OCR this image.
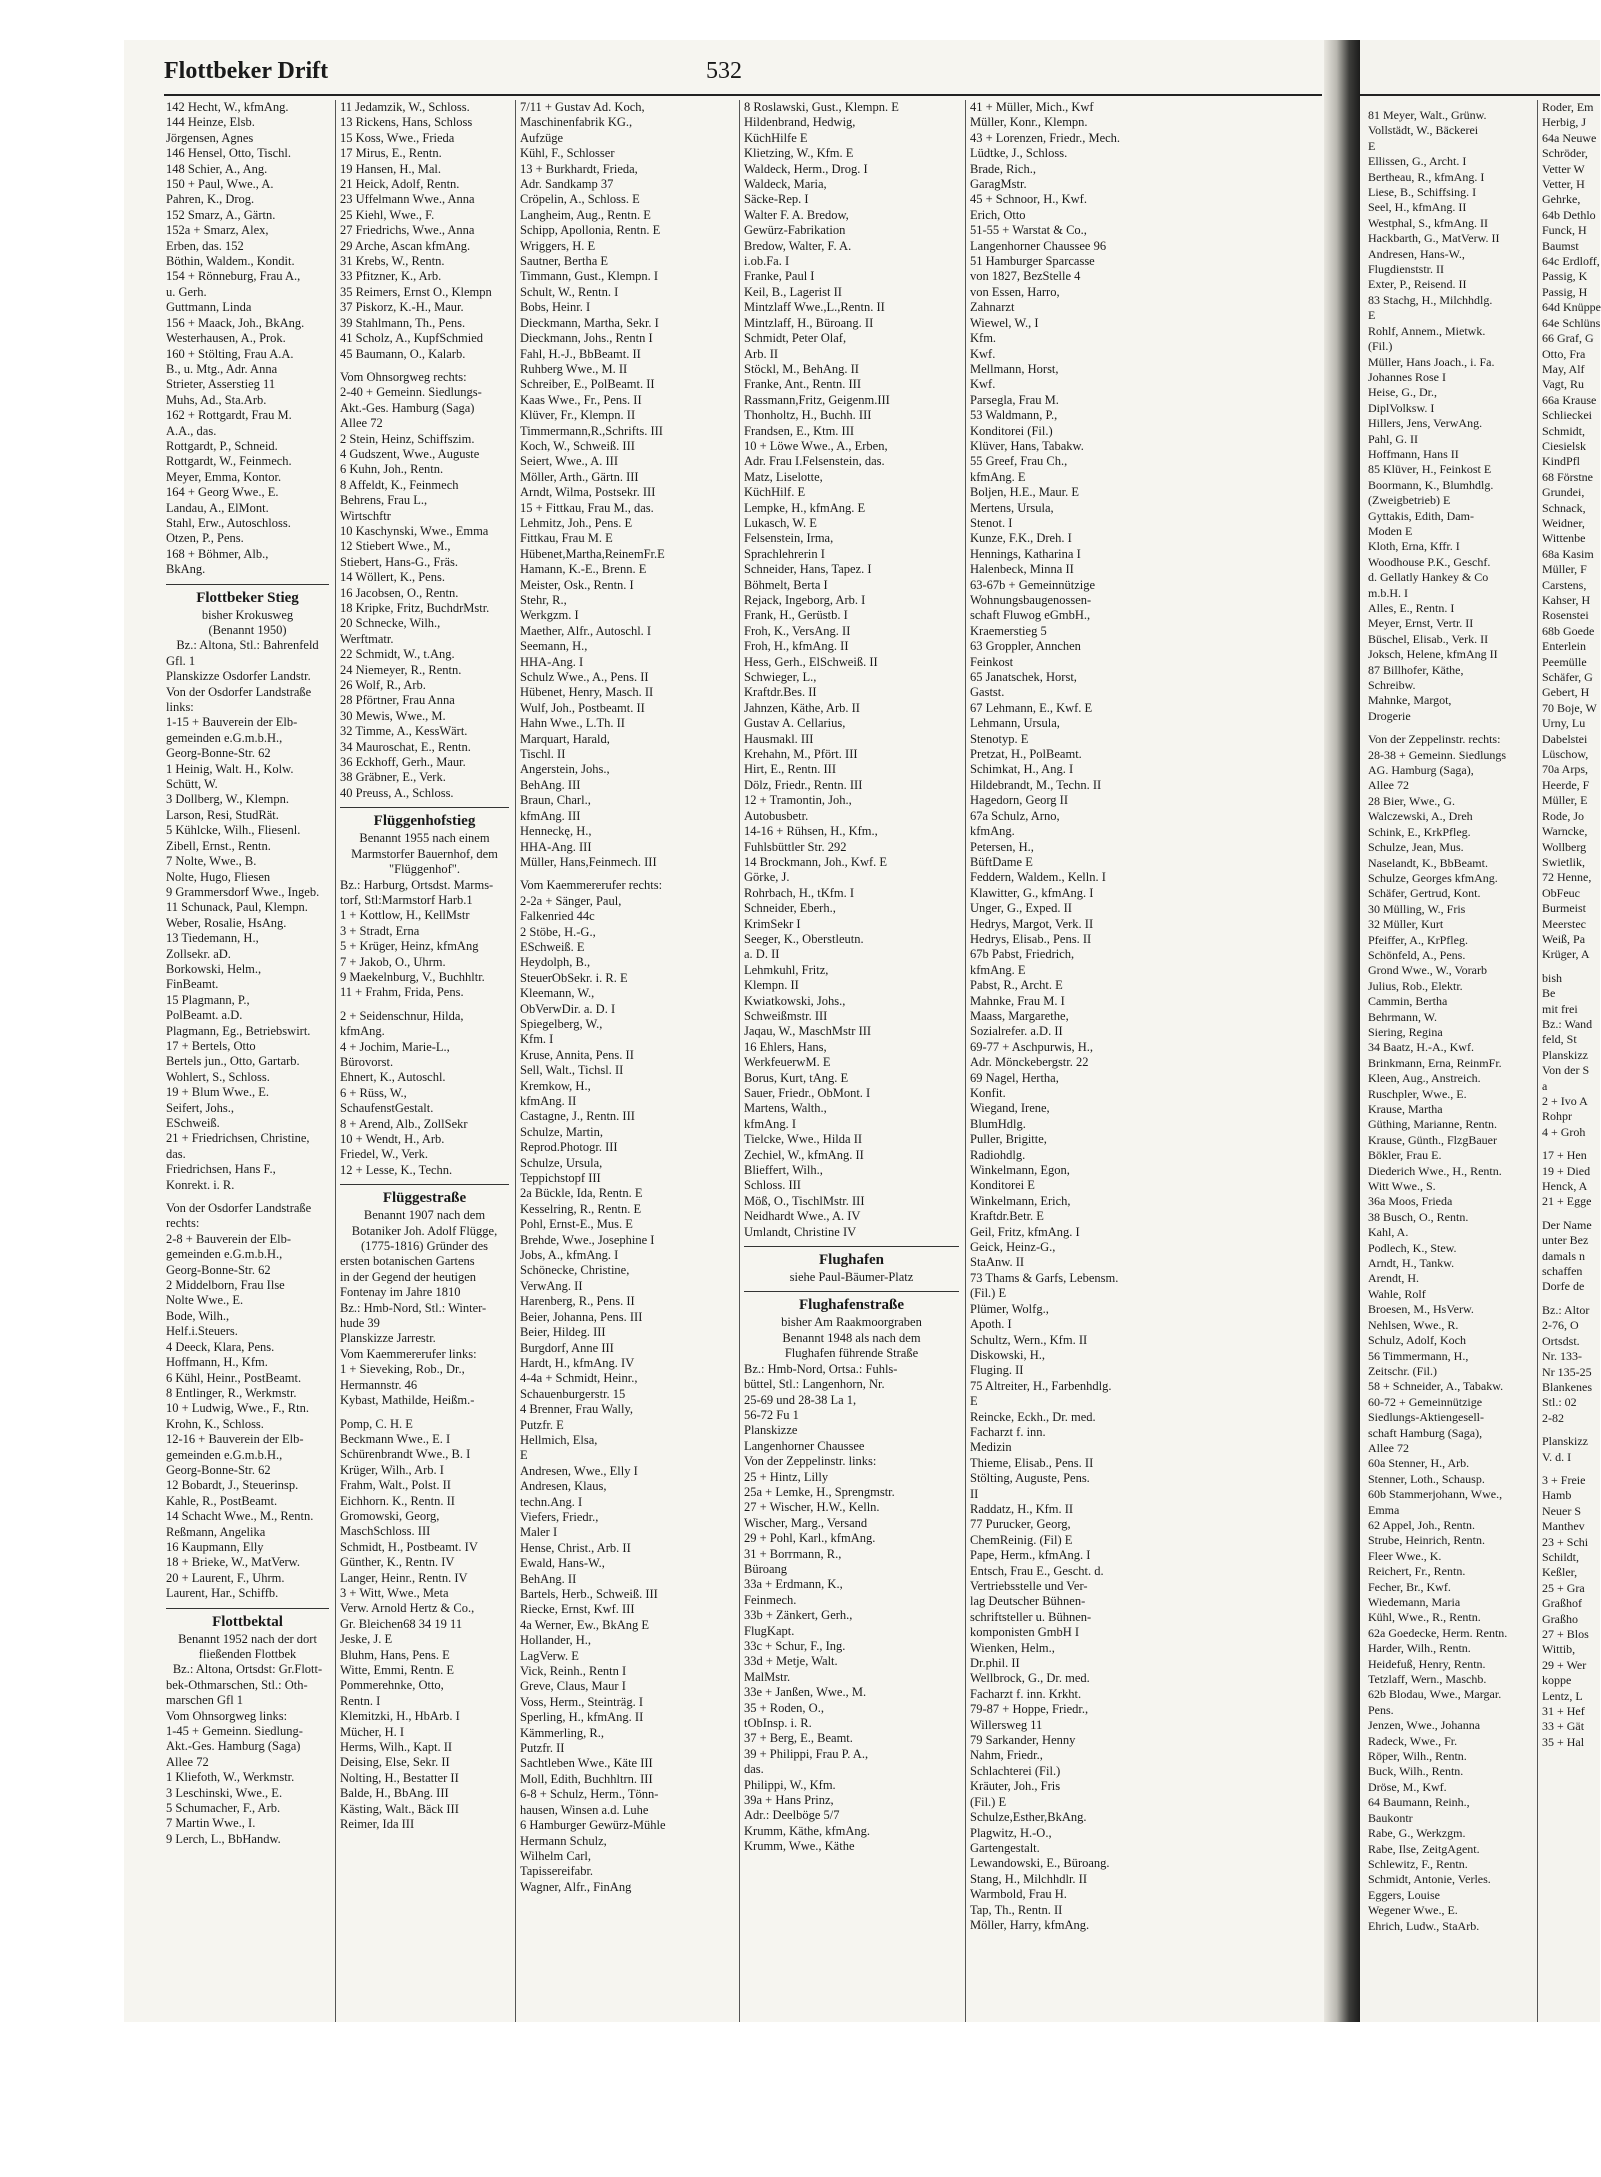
Flottbeker Drift	532
142 Hecht, W., kfmAng.
144 Heinze, Elsb.
Jörgensen, Agnes
146 Hensel, Otto, Tischl.
148 Schier, A., Ang.
150 + Paul, Wwe., A.
Pahren, K., Drog.
152 Smarz, A., Gärtn.
152a + Smarz, Alex,
Erben, das. 152
Böthin, Waldem., Kondit.
154 + Rönneburg, Frau A.,
u. Gerh.
Guttmann, Linda
156 + Maack, Joh., BkAng.
Westerhausen, A., Prok.
160 + Stölting, Frau A.A.
B., u. Mtg., Adr. Anna
Strieter, Asserstieg 11
Muhs, Ad., Sta.Arb.
162 + Rottgardt, Frau M.
A.A., das.
Rottgardt, P., Schneid.
Rottgardt, W., Feinmech.
Meyer, Emma, Kontor.
164 + Georg Wwe., E.
Landau, A., ElMont.
Stahl, Erw., Autoschloss.
Otzen, P., Pens.
168 + Böhmer, Alb.,
BkAng.
Flottbeker Stieg
bisher Krokusweg
(Benannt 1950)
Bz.: Altona, Stl.: Bahrenfeld
Gfl. 1
Planskizze Osdorfer Landstr.
Von der Osdorfer Landstraße
links:
1-15 + Bauverein der Elb-
gemeinden e.G.m.b.H.,
Georg-Bonne-Str. 62
1 Heinig, Walt. H., Kolw.
Schütt, W.
3 Dollberg, W., Klempn.
Larson, Resi, StudRät.
5 Kühlcke, Wilh., Fliesenl.
Zibell, Ernst., Rentn.
7 Nolte, Wwe., B.
Nolte, Hugo, Fliesen
9 Grammersdorf Wwe., Ingeb.
11 Schunack, Paul, Klempn.
Weber, Rosalie, HsAng.
13 Tiedemann, H.,
Zollsekr. aD.
Borkowski, Helm.,
FinBeamt.
15 Plagmann, P.,
PolBeamt. a.D.
Plagmann, Eg., Betriebswirt.
17 + Bertels, Otto
Bertels jun., Otto, Gartarb.
Wohlert, S., Schloss.
19 + Blum Wwe., E.
Seifert, Johs.,
ESchweiß.
21 + Friedrichsen, Christine,
das.
Friedrichsen, Hans F.,
Konrekt. i. R.
Von der Osdorfer Landstraße
rechts:
2-8 + Bauverein der Elb-
gemeinden e.G.m.b.H.,
Georg-Bonne-Str. 62
2 Middelborn, Frau Ilse
Nolte Wwe., E.
Bode, Wilh.,
Helf.i.Steuers.
4 Deeck, Klara, Pens.
Hoffmann, H., Kfm.
6 Kühl, Heinr., PostBeamt.
8 Entlinger, R., Werkmstr.
10 + Ludwig, Wwe., F., Rtn.
Krohn, K., Schloss.
12-16 + Bauverein der Elb-
gemeinden e.G.m.b.H.,
Georg-Bonne-Str. 62
12 Bobardt, J., Steuerinsp.
Kahle, R., PostBeamt.
14 Schacht Wwe., M., Rentn.
Reßmann, Angelika
16 Kaupmann, Elly
18 + Brieke, W., MatVerw.
20 + Laurent, F., Uhrm.
Laurent, Har., Schiffb.
Flottbektal
Benannt 1952 nach der dort
fließenden Flottbek
Bz.: Altona, Ortsdst: Gr.Flott-
bek-Othmarschen, Stl.: Oth-
marschen Gfl 1
Vom Ohnsorgweg links:
1-45 + Gemeinn. Siedlung-
Akt.-Ges. Hamburg (Saga)
Allee 72
1 Kliefoth, W., Werkmstr.
3 Leschinski, Wwe., E.
5 Schumacher, F., Arb.
7 Martin Wwe., I.
9 Lerch, L., BbHandw.
11 Jedamzik, W., Schloss.
13 Rickens, Hans, Schloss
15 Koss, Wwe., Frieda
17 Mirus, E., Rentn.
19 Hansen, H., Mal.
21 Heick, Adolf, Rentn.
23 Uffelmann Wwe., Anna
25 Kiehl, Wwe., F.
27 Friedrichs, Wwe., Anna
29 Arche, Ascan kfmAng.
31 Krebs, W., Rentn.
33 Pfitzner, K., Arb.
35 Reimers, Ernst O., Klempn
37 Piskorz, K.-H., Maur.
39 Stahlmann, Th., Pens.
41 Scholz, A., KupfSchmied
45 Baumann, O., Kalarb.
Vom Ohnsorgweg rechts:
2-40 + Gemeinn. Siedlungs-
Akt.-Ges. Hamburg (Saga)
Allee 72
2 Stein, Heinz, Schiffszim.
4 Gudszent, Wwe., Auguste
6 Kuhn, Joh., Rentn.
8 Affeldt, K., Feinmech
Behrens, Frau L.,
Wirtschftr
10 Kaschynski, Wwe., Emma
12 Stiebert Wwe., M.,
Stiebert, Hans-G., Fräs.
14 Wöllert, K., Pens.
16 Jacobsen, O., Rentn.
18 Kripke, Fritz, BuchdrMstr.
20 Schnecke, Wilh.,
Werftmatr.
22 Schmidt, W., t.Ang.
24 Niemeyer, R., Rentn.
26 Wolf, R., Arb.
28 Pförtner, Frau Anna
30 Mewis, Wwe., M.
32 Timme, A., KessWärt.
34 Mauroschat, E., Rentn.
36 Eckhoff, Gerh., Maur.
38 Gräbner, E., Verk.
40 Preuss, A., Schloss.
Flüggenhofstieg
Benannt 1955 nach einem
Marmstorfer Bauernhof, dem
"Flüggenhof".
Bz.: Harburg, Ortsdst. Marms-
torf, Stl:Marmstorf Harb.1
1 + Kottlow, H., KellMstr
3 + Stradt, Erna
5 + Krüger, Heinz, kfmAng
7 + Jakob, O., Uhrm.
9 Maekelnburg, V., Buchhltr.
11 + Frahm, Frida, Pens.
2 + Seidenschnur, Hilda,
kfmAng.
4 + Jochim, Marie-L.,
Bürovorst.
Ehnert, K., Autoschl.
6 + Rüss, W.,
SchaufenstGestalt.
8 + Arend, Alb., ZollSekr
10 + Wendt, H., Arb.
Friedel, W., Verk.
12 + Lesse, K., Techn.
Flüggestraße
Benannt 1907 nach dem
Botaniker Joh. Adolf Flügge,
(1775-1816) Gründer des
ersten botanischen Gartens
in der Gegend der heutigen
Fontenay im Jahre 1810
Bz.: Hmb-Nord, Stl.: Winter-
hude 39
Planskizze Jarrestr.
Vom Kaemmererufer links:
1 + Sieveking, Rob., Dr.,
Hermannstr. 46
Kybast, Mathilde, Heißm.-
Pomp, C. H. E
Beckmann Wwe., E. I
Schürenbrandt Wwe., B. I
Krüger, Wilh., Arb. I
Frahm, Walt., Polst. II
Eichhorn. K., Rentn. II
Gromowski, Georg,
MaschSchloss. III
Schmidt, H., Postbeamt. IV
Günther, K., Rentn. IV
Langer, Heinr., Rentn. IV
3 + Witt, Wwe., Meta
Verw. Arnold Hertz & Co.,
Gr. Bleichen68 34 19 11
Jeske, J. E
Bluhm, Hans, Pens. E
Witte, Emmi, Rentn. E
Pommerehnke, Otto,
Rentn. I
Klemitzki, H., HbArb. I
Mücher, H. I
Herms, Wilh., Kapt. II
Deising, Else, Sekr. II
Nolting, H., Bestatter II
Balde, H., BbAng. III
Kästing, Walt., Bäck III
Reimer, Ida III
7/11 + Gustav Ad. Koch,
Maschinenfabrik KG.,
Aufzüge
Kühl, F., Schlosser
13 + Burkhardt, Frieda,
Adr. Sandkamp 37
Cröpelin, A., Schloss. E
Langheim, Aug., Rentn. E
Schipp, Apollonia, Rentn. E
Wriggers, H. E
Sautner, Bertha E
Timmann, Gust., Klempn. I
Schult, W., Rentn. I
Bobs, Heinr. I
Dieckmann, Martha, Sekr. I
Dieckmann, Johs., Rentn I
Fahl, H.-J., BbBeamt. II
Ruhberg Wwe., M. II
Schreiber, E., PolBeamt. II
Kaas Wwe., Fr., Pens. II
Klüver, Fr., Klempn. II
Timmermann,R.,Schrifts. III
Koch, W., Schweiß. III
Seiert, Wwe., A. III
Möller, Arth., Gärtn. III
Arndt, Wilma, Postsekr. III
15 + Fittkau, Frau M., das.
Lehmitz, Joh., Pens. E
Fittkau, Frau M. E
Hübenet,Martha,ReinemFr.E
Hamann, K.-E., Brenn. E
Meister, Osk., Rentn. I
Stehr, R.,
Werkgzm. I
Maether, Alfr., Autoschl. I
Seemann, H.,
HHA-Ang. I
Schulz Wwe., A., Pens. II
Hübenet, Henry, Masch. II
Wulf, Joh., Postbeamt. II
Hahn Wwe., L.Th. II
Marquart, Harald,
Tischl. II
Angerstein, Johs.,
BehAng. III
Braun, Charl.,
kfmAng. III
Henneckę, H.,
HHA-Ang. III
Müller, Hans,Feinmech. III
Vom Kaemmererufer rechts:
2-2a + Sänger, Paul,
Falkenried 44c
2 Stöbe, H.-G.,
ESchweiß. E
Heydolph, B.,
SteuerObSekr. i. R. E
Kleemann, W.,
ObVerwDir. a. D. I
Spiegelberg, W.,
Kfm. I
Kruse, Annita, Pens. II
Sell, Walt., Tichsl. II
Kremkow, H.,
kfmAng. II
Castagne, J., Rentn. III
Schulze, Martin,
Reprod.Photogr. III
Schulze, Ursula,
Teppichstopf III
2a Bückle, Ida, Rentn. E
Kesselring, R., Rentn. E
Pohl, Ernst-E., Mus. E
Brehde, Wwe., Josephine I
Jobs, A., kfmAng. I
Schönecke, Christine,
VerwAng. II
Harenberg, R., Pens. II
Beier, Johanna, Pens. III
Beier, Hildeg. III
Burgdorf, Anne III
Hardt, H., kfmAng. IV
4-4a + Schmidt, Heinr.,
Schauenburgerstr. 15
4 Brenner, Frau Wally,
Putzfr. E
Hellmich, Elsa,
E
Andresen, Wwe., Elly I
Andresen, Klaus,
techn.Ang. I
Viefers, Friedr.,
Maler I
Hense, Christ., Arb. II
Ewald, Hans-W.,
BehAng. II
Bartels, Herb., Schweiß. III
Riecke, Ernst, Kwf. III
4a Werner, Ew., BkAng E
Hollander, H.,
LagVerw. E
Vick, Reinh., Rentn I
Greve, Claus, Maur I
Voss, Herm., Steinträg. I
Sperling, H., kfmAng. II
Kämmerling, R.,
Putzfr. II
Sachtleben Wwe., Käte III
Moll, Edith, Buchhltrn. III
6-8 + Schulz, Herm., Tönn-
hausen, Winsen a.d. Luhe
6 Hamburger Gewürz-Mühle
Hermann Schulz,
Wilhelm Carl,
Tapissereifabr.
Wagner, Alfr., FinAng
8 Roslawski, Gust., Klempn. E
Hildenbrand, Hedwig,
KüchHilfe E
Klietzing, W., Kfm. E
Waldeck, Herm., Drog. I
Waldeck, Maria,
Säcke-Rep. I
Walter F. A. Bredow,
Gewürz-Fabrikation
Bredow, Walter, F. A.
i.ob.Fa. I
Franke, Paul I
Keil, B., Lagerist II
Mintzlaff Wwe.,L.,Rentn. II
Mintzlaff, H., Büroang. II
Schmidt, Peter Olaf,
Arb. II
Stöckl, M., BehAng. II
Franke, Ant., Rentn. III
Rassmann,Fritz, Geigenm.III
Thonholtz, H., Buchh. III
Frandsen, E., Ktm. III
10 + Löwe Wwe., A., Erben,
Adr. Frau I.Felsenstein, das.
Matz, Liselotte,
KüchHilf. E
Lempke, H., kfmAng. E
Lukasch, W. E
Felsenstein, Irma,
Sprachlehrerin I
Schneider, Hans, Tapez. I
Böhmelt, Berta I
Rejack, Ingeborg, Arb. I
Frank, H., Gerüstb. I
Froh, K., VersAng. II
Froh, H., kfmAng. II
Hess, Gerh., ElSchweiß. II
Schwieger, L.,
Kraftdr.Bes. II
Jahnzen, Käthe, Arb. II
Gustav A. Cellarius,
Hausmakl. III
Krehahn, M., Pfört. III
Hirt, E., Rentn. III
Dölz, Friedr., Rentn. III
12 + Tramontin, Joh.,
Autobusbetr.
14-16 + Rühsen, H., Kfm.,
Fuhlsbüttler Str. 292
14 Brockmann, Joh., Kwf. E
Görke, J.
Rohrbach, H., tKfm. I
Schneider, Eberh.,
KrimSekr I
Seeger, K., Oberstleutn.
a. D. II
Lehmkuhl, Fritz,
Klempn. II
Kwiatkowski, Johs.,
Schweißmstr. III
Jaqau, W., MaschMstr III
16 Ehlers, Hans,
WerkfeuerwM. E
Borus, Kurt, tAng. E
Sauer, Friedr., ObMont. I
Martens, Walth.,
kfmAng. I
Tielcke, Wwe., Hilda II
Zechiel, W., kfmAng. II
Blieffert, Wilh.,
Schloss. III
Möß, O., TischlMstr. III
Neidhardt Wwe., A. IV
Umlandt, Christine IV
Flughafen
siehe Paul-Bäumer-Platz
Flughafenstraße
bisher Am Raakmoorgraben
Benannt 1948 als nach dem
Flughafen führende Straße
Bz.: Hmb-Nord, Ortsa.: Fuhls-
büttel, Stl.: Langenhorn, Nr.
25-69 und 28-38 La 1,
56-72 Fu 1
Planskizze
Langenhorner Chaussee
Von der Zeppelinstr. links:
25 + Hintz, Lilly
25a + Lemke, H., Sprengmstr.
27 + Wischer, H.W., Kelln.
Wischer, Marg., Versand
29 + Pohl, Karl., kfmAng.
31 + Borrmann, R.,
Büroang
33a + Erdmann, K.,
Feinmech.
33b + Zänkert, Gerh.,
FlugKapt.
33c + Schur, F., Ing.
33d + Metje, Walt.
MalMstr.
33e + Janßen, Wwe., M.
35 + Roden, O.,
tObInsp. i. R.
37 + Berg, E., Beamt.
39 + Philippi, Frau P. A.,
das.
Philippi, W., Kfm.
39a + Hans Prinz,
Adr.: Deelböge 5/7
Krumm, Käthe, kfmAng.
Krumm, Wwe., Käthe
41 + Müller, Mich., Kwf
Müller, Konr., Klempn.
43 + Lorenzen, Friedr., Mech.
Lüdtke, J., Schloss.
Brade, Rich.,
GaragMstr.
45 + Schnoor, H., Kwf.
Erich, Otto
51-55 + Warstat & Co.,
Langenhorner Chaussee 96
51 Hamburger Sparcasse
von 1827, BezStelle 4
von Essen, Harro,
Zahnarzt
Wiewel, W., I
Kfm.
Kwf.
Mellmann, Horst,
Kwf.
Parsegla, Frau M.
53 Waldmann, P.,
Konditorei (Fil.)
Klüver, Hans, Tabakw.
55 Greef, Frau Ch.,
kfmAng. E
Boljen, H.E., Maur. E
Mertens, Ursula,
Stenot. I
Kunze, F.K., Dreh. I
Hennings, Katharina I
Halenbeck, Minna II
63-67b + Gemeinnützige
Wohnungsbaugenossen-
schaft Fluwog eGmbH.,
Kraemerstieg 5
63 Groppler, Annchen
Feinkost
65 Janatschek, Horst,
Gastst.
67 Lehmann, E., Kwf. E
Lehmann, Ursula,
Stenotyp. E
Pretzat, H., PolBeamt.
Schimkat, H., Ang. I
Hildebrandt, M., Techn. II
Hagedorn, Georg II
67a Schulz, Arno,
kfmAng.
Petersen, H.,
BüftDame E
Feddern, Waldem., Kelln. I
Klawitter, G., kfmAng. I
Unger, G., Exped. II
Hedrys, Margot, Verk. II
Hedrys, Elisab., Pens. II
67b Pabst, Friedrich,
kfmAng. E
Pabst, R., Archt. E
Mahnke, Frau M. I
Maass, Margarethe,
Sozialrefer. a.D. II
69-77 + Aschpurwis, H.,
Adr. Mönckebergstr. 22
69 Nagel, Hertha,
Konfit.
Wiegand, Irene,
BlumHdlg.
Puller, Brigitte,
Radiohdlg.
Winkelmann, Egon,
Konditorei E
Winkelmann, Erich,
Kraftdr.Betr. E
Geil, Fritz, kfmAng. I
Geick, Heinz-G.,
StaAnw. II
73 Thams & Garfs, Lebensm.
(Fil.) E
Plümer, Wolfg.,
Apoth. I
Schultz, Wern., Kfm. II
Diskowski, H.,
Fluging. II
75 Altreiter, H., Farbenhdlg.
E
Reincke, Eckh., Dr. med.
Facharzt f. inn.
Medizin
Thieme, Elisab., Pens. II
Stölting, Auguste, Pens.
II
Raddatz, H., Kfm. II
77 Purucker, Georg,
ChemReinig. (Fil) E
Pape, Herm., kfmAng. I
Entsch, Frau E., Gescht. d.
Vertriebsstelle und Ver-
lag Deutscher Bühnen-
schriftsteller u. Bühnen-
komponisten GmbH I
Wienken, Helm.,
Dr.phil. II
Wellbrock, G., Dr. med.
Facharzt f. inn. Krkht.
79-87 + Hoppe, Friedr.,
Willersweg 11
79 Sarkander, Henny
Nahm, Friedr.,
Schlachterei (Fil.)
Kräuter, Joh., Fris
(Fil.) E
Schulze,Esther,BkAng.
Plagwitz, H.-O.,
Gartengestalt.
Lewandowski, E., Büroang.
Stang, H., Milchhdlr. II
Warmbold, Frau H.
Tap, Th., Rentn. II
Möller, Harry, kfmAng.
81 Meyer, Walt., Grünw.
Vollstädt, W., Bäckerei
E
Ellissen, G., Archt. I
Bertheau, R., kfmAng. I
Liese, B., Schiffsing. I
Seel, H., kfmAng. II
Westphal, S., kfmAng. II
Hackbarth, G., MatVerw. II
Andresen, Hans-W.,
Flugdienststr. II
Exter, P., Reisend. II
83 Stachg, H., Milchhdlg.
E
Rohlf, Annem., Mietwk.
(Fil.)
Müller, Hans Joach., i. Fa.
Johannes Rose I
Heise, G., Dr.,
DiplVolksw. I
Hillers, Jens, VerwAng.
Pahl, G. II
Hoffmann, Hans II
85 Klüver, H., Feinkost E
Boormann, K., Blumhdlg.
(Zweigbetrieb) E
Gyttakis, Edith, Dam-
Moden E
Kloth, Erna, Kffr. I
Woodhouse P.K., Geschf.
d. Gellatly Hankey & Co
m.b.H. I
Alles, E., Rentn. I
Meyer, Ernst, Vertr. II
Büschel, Elisab., Verk. II
Joksch, Helene, kfmAng II
87 Billhofer, Käthe,
Schreibw.
Mahnke, Margot,
Drogerie
Von der Zeppelinstr. rechts:
28-38 + Gemeinn. Siedlungs
AG. Hamburg (Saga),
Allee 72
28 Bier, Wwe., G.
Walczewski, A., Dreh
Schink, E., KrkPfleg.
Schulze, Jean, Mus.
Naselandt, K., BbBeamt.
Schulze, Georges kfmAng.
Schäfer, Gertrud, Kont.
30 Mülling, W., Fris
32 Müller, Kurt
Pfeiffer, A., KrPfleg.
Schönfeld, A., Pens.
Grond Wwe., W., Vorarb
Julius, Rob., Elektr.
Cammin, Bertha
Behrmann, W.
Siering, Regina
34 Baatz, H.-A., Kwf.
Brinkmann, Erna, ReinmFr.
Kleen, Aug., Anstreich.
Ruschpler, Wwe., E.
Krause, Martha
Güthing, Marianne, Rentn.
Krause, Günth., FlzgBauer
Bökler, Frau E.
Diederich Wwe., H., Rentn.
Witt Wwe., S.
36a Moos, Frieda
38 Busch, O., Rentn.
Kahl, A.
Podlech, K., Stew.
Arndt, H., Tankw.
Arendt, H.
Wahle, Rolf
Broesen, M., HsVerw.
Nehlsen, Wwe., R.
Schulz, Adolf, Koch
56 Timmermann, H.,
Zeitschr. (Fil.)
58 + Schneider, A., Tabakw.
60-72 + Gemeinnützige
Siedlungs-Aktiengesell-
schaft Hamburg (Saga),
Allee 72
60a Stenner, H., Arb.
Stenner, Loth., Schausp.
60b Stammerjohann, Wwe.,
Emma
62 Appel, Joh., Rentn.
Strube, Heinrich, Rentn.
Fleer Wwe., K.
Reichert, Fr., Rentn.
Fecher, Br., Kwf.
Wiedemann, Maria
Kühl, Wwe., R., Rentn.
62a Goedecke, Herm. Rentn.
Harder, Wilh., Rentn.
Heidefuß, Henry, Rentn.
Tetzlaff, Wern., Maschb.
62b Blodau, Wwe., Margar.
Pens.
Jenzen, Wwe., Johanna
Radeck, Wwe., Fr.
Röper, Wilh., Rentn.
Buck, Wilh., Rentn.
Dröse, M., Kwf.
64 Baumann, Reinh.,
Baukontr
Rabe, G., Werkzgm.
Rabe, Ilse, ZeitgAgent.
Schlewitz, F., Rentn.
Schmidt, Antonie, Verles.
Eggers, Louise
Wegener Wwe., E.
Ehrich, Ludw., StaArb.
Roder, Em
Herbig, J
64a Neuwe
Schröder,
Vetter W
Vetter, H
Gehrke,
64b Dethlo
Funck, H
Baumst
64c Erdloff,
Passig, K
Passig, H
64d Knüppe
64e Schlüns
66 Graf, G
Otto, Fra
May, Alf
Vagt, Ru
66a Krause
Schlieckei
Schmidt,
Ciesielsk
KindPfl
68 Förstne
Grundei,
Schnack,
Weidner,
Wittenbe
68a Kasim
Müller, F
Carstens,
Kahser, H
Rosenstei
68b Goede
Enterlein
Peemülle
Schäfer, G
Gebert, H
70 Boje, W
Urny, Lu
Dabelstei
Lüschow,
70a Arps,
Heerde, F
Müller, E
Rode, Jo
Warncke,
Wollberg
Swietlik,
72 Henne,
ObFeuc
Burmeist
Meerstec
Weiß, Pa
Krüger, A
bish
Be
mit frei
Bz.: Wand
feld, St
Planskizz
Von der S
a
2 + Ivo A
Rohpr
4 + Groh
17 + Hen
19 + Died
Henck, A
21 + Egge
Der Name
unter Bez
damals n
schaffen
Dorfe de
Bz.: Altor
2-76, O
Ortsdst.
Nr. 133-
Nr 135-25
Blankenes
Stl.: 02
2-82
Planskizz
V. d. I
3 + Freie
Hamb
Neuer S
Manthev
23 + Schi
Schildt,
Keßler,
25 + Gra
Graßhof
Graßho
27 + Blos
Wittib,
29 + Wer
koppe
Lentz, L
31 + Hef
33 + Gät
35 + Hal
